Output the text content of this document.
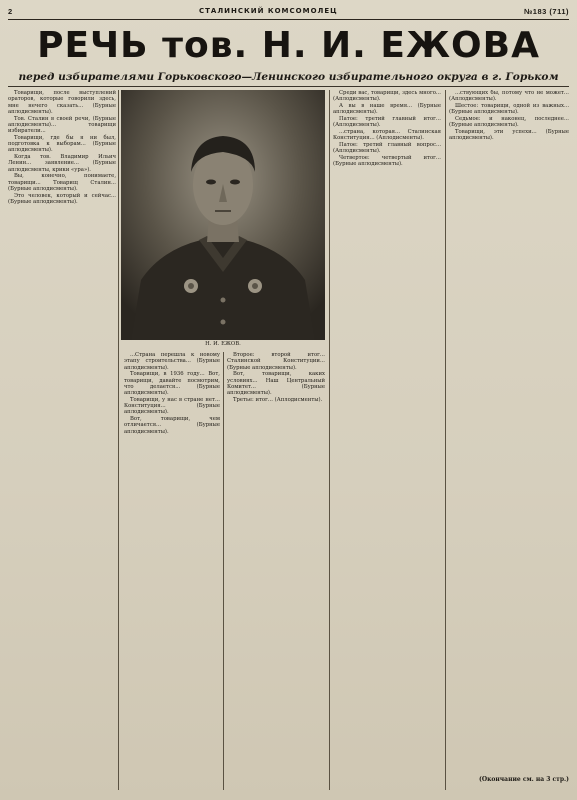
2	СТАЛИНСКИЙ КОМСОМОЛЕЦ	№183 (711)
РЕЧЬ тов. Н. И. ЕЖОВА
перед избирателями Горьковского—Ленинского избирательного округа в г. Горьком

Товарищи, после выступлений ораторов, которые говорили здесь, мне нечего сказать... (Бурные аплодисменты).

Тов. Сталин в своей речи, (Бурные аплодисменты)... товарищи избиратели...

Товарищи, где бы я ни был, подготовка к выборам... (Бурные аплодисменты).

Когда тов. Владимир Ильич Ленин... заявление... (Бурные аплодисменты, крики «ура»).

Вы, конечно, понимаете, товарищи... Товарищ Сталин... (Бурные аплодисменты).

Это человек, который и сейчас... (Бурные аплодисменты).

Н. И. ЕЖОВ.

...Страна перешла к новому этапу строительства... (Бурные аплодисменты).

Товарищи, в 1936 году... Вот, товарищи, давайте посмотрим, что делается... (Бурные аплодисменты).

Товарищи, у нас в стране нет... Конституция... (Бурные аплодисменты).

Вот, товарищи, чем отличается... (Бурные аплодисменты).

Второе: второй итог... Сталинской Конституции... (Бурные аплодисменты).

Вот, товарищи, каких условиях... Наш Центральный Комитет... (Бурные аплодисменты).

Третье: итог... (Аплодисменты).

Среди вас, товарищи, здесь много... (Аплодисменты).

А вы в наше время... (Бурные аплодисменты).

Патое: третий главный итог... (Аплодисменты).

...страна, которая... Сталинская Конституция... (Аплодисменты).

Патое: третий главный вопрос... (Аплодисменты).

Четвертое: четвертый итог... (Бурные аплодисменты).

...ствующих бы, потому что не может... (Аплодисменты).

Шестое: товарищи, одной из важных... (Бурные аплодисменты).

Седьмое: и наконец, последнее... (Бурные аплодисменты).

Товарищи, эти успехи... (Бурные аплодисменты).

(Окончание см. на 3 стр.)
